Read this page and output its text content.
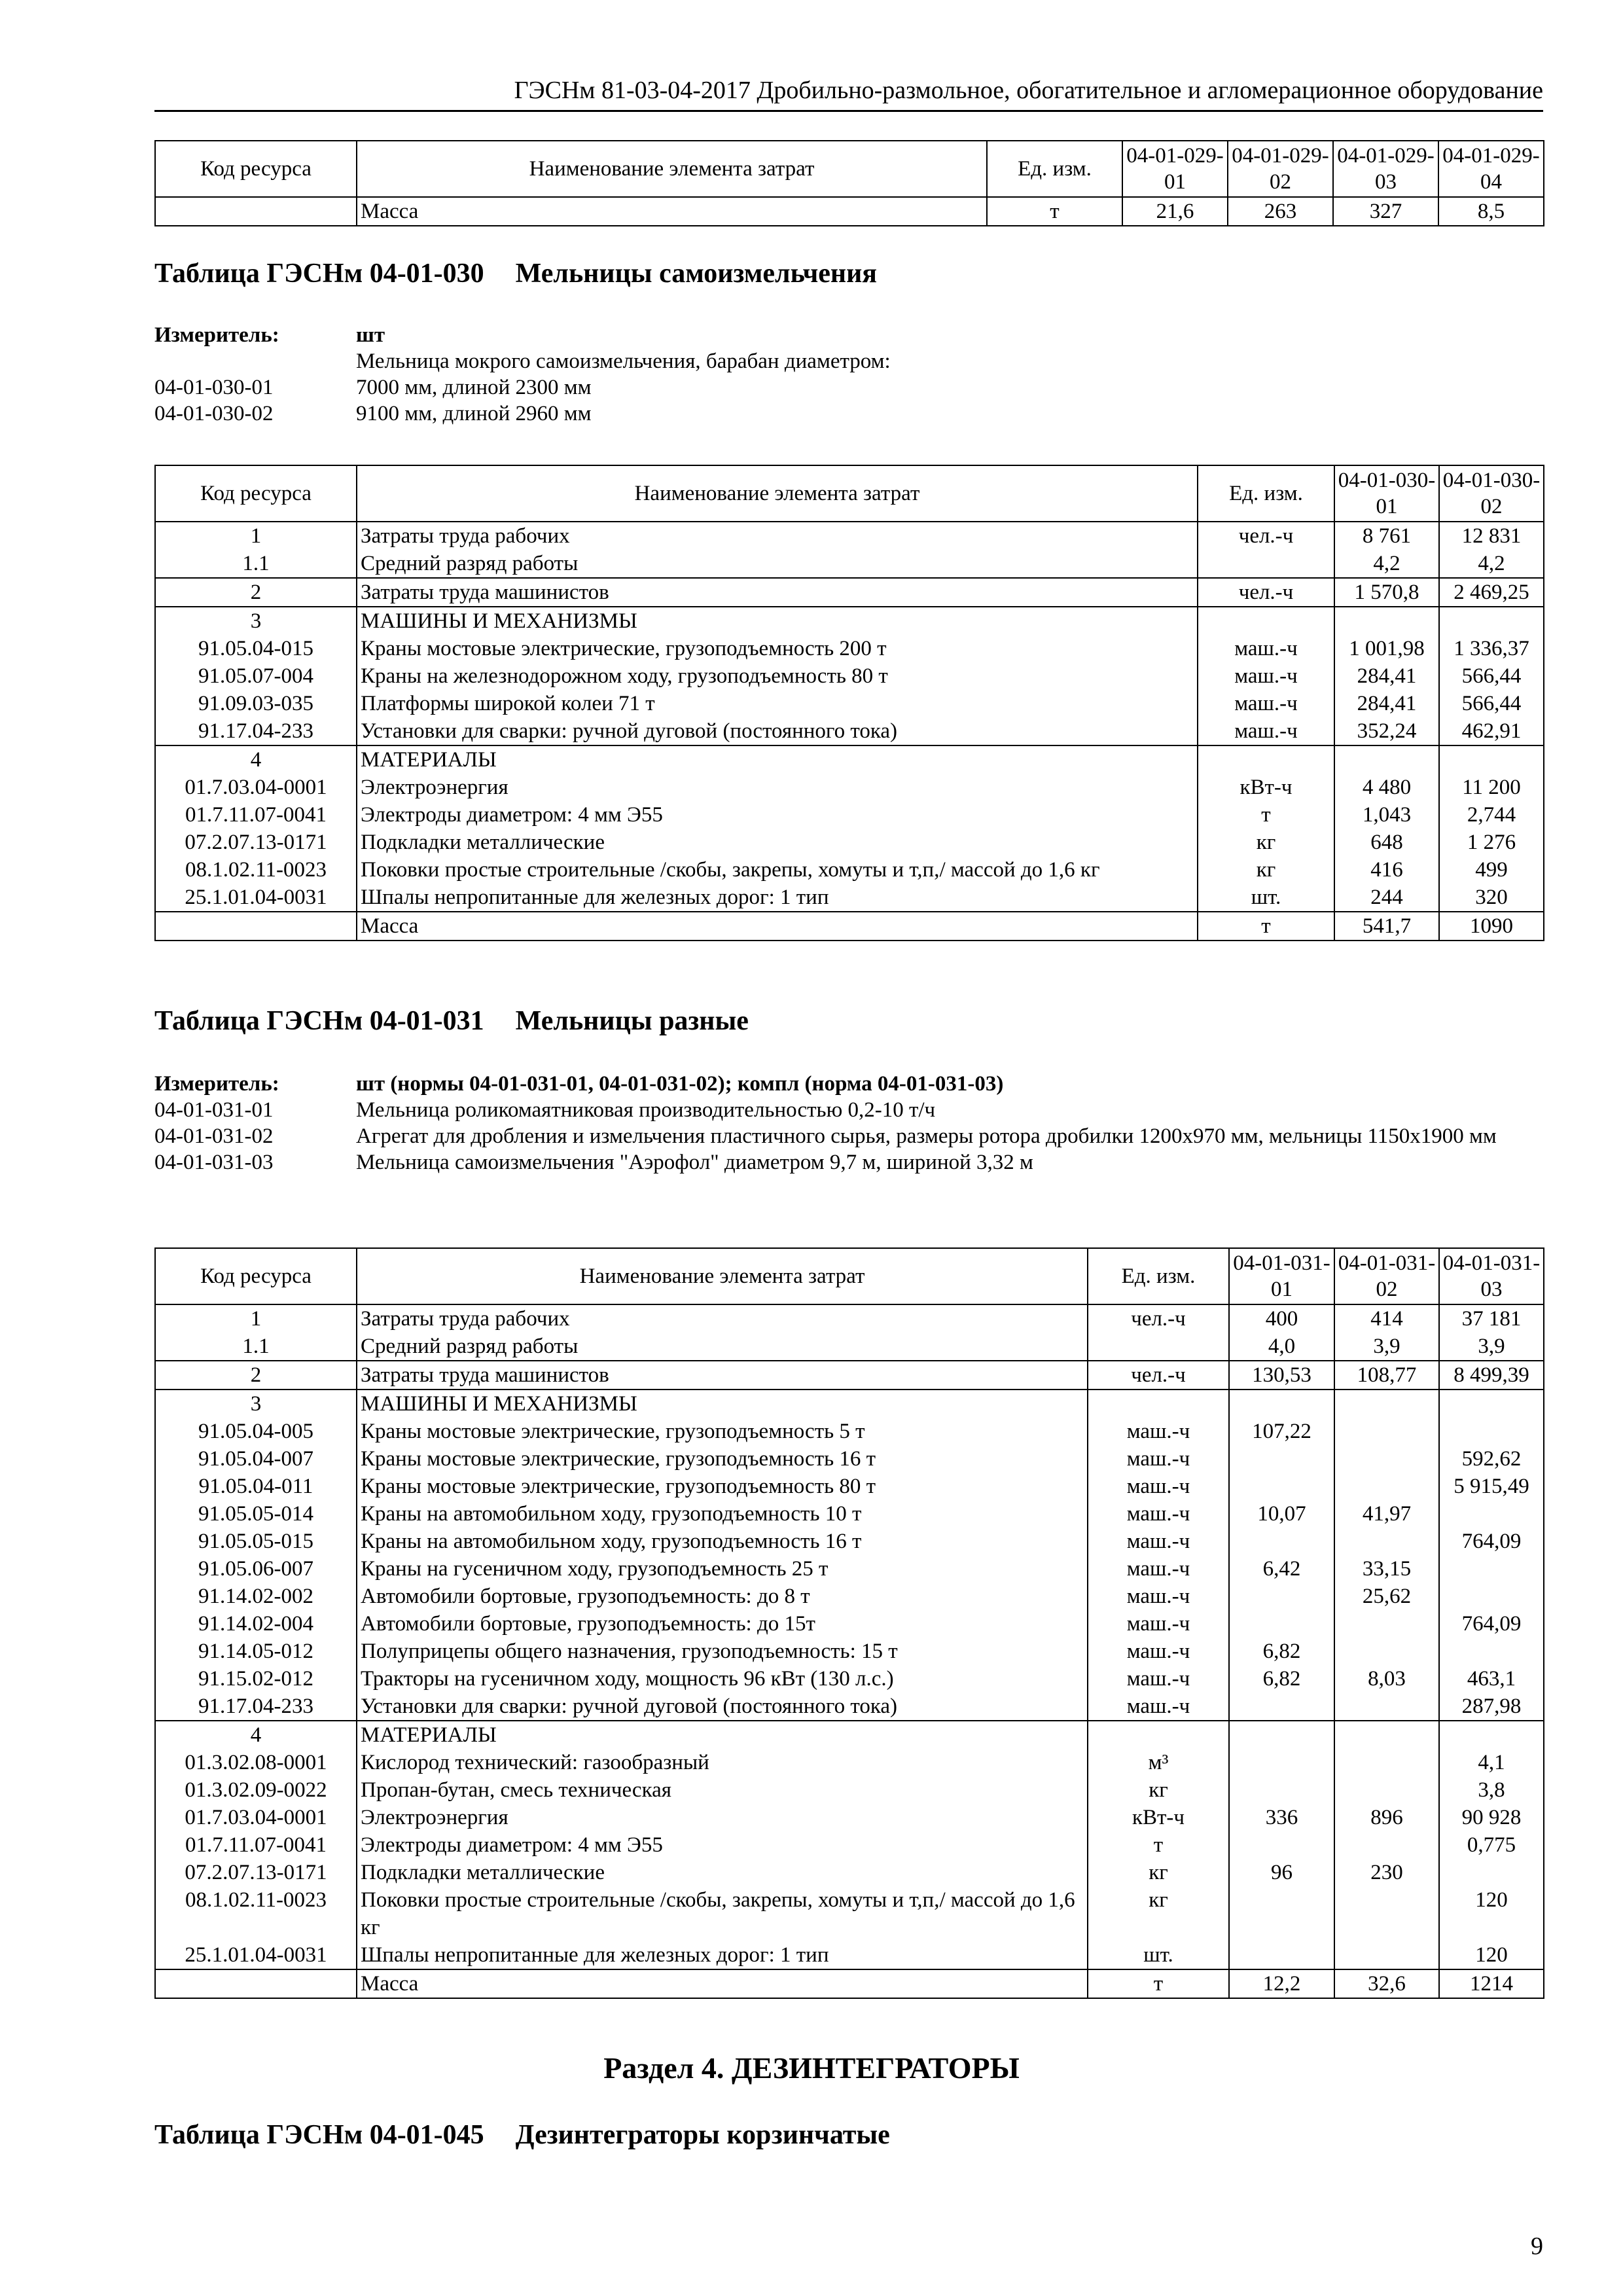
ГЭСНм 81-03-04-2017 Дробильно-размольное, обогатительное и агломерационное оборудование
Код ресурса	Наименование элемента затрат	Ед. изм.	04-01-029-01	04-01-029-02	04-01-029-03	04-01-029-04
	Масса	т	21,6	263	327	8,5
Таблица ГЭСНм 04-01-030 Мельницы самоизмельчения
Измеритель:	шт
Мельница мокрого самоизмельчения, барабан диаметром:
04-01-030-01	7000 мм, длиной 2300 мм
04-01-030-02	9100 мм, длиной 2960 мм
Код ресурса	Наименование элемента затрат	Ед. изм.	04-01-030-01	04-01-030-02
1	Затраты труда рабочих	чел.-ч	8 761	12 831
1.1	Средний разряд работы		4,2	4,2
2	Затраты труда машинистов	чел.-ч	1 570,8	2 469,25
3	МАШИНЫ И МЕХАНИЗМЫ			
91.05.04-015	Краны мостовые электрические, грузоподъемность 200 т	маш.-ч	1 001,98	1 336,37
91.05.07-004	Краны на железнодорожном ходу, грузоподъемность 80 т	маш.-ч	284,41	566,44
91.09.03-035	Платформы широкой колеи 71 т	маш.-ч	284,41	566,44
91.17.04-233	Установки для сварки: ручной дуговой (постоянного тока)	маш.-ч	352,24	462,91
4	МАТЕРИАЛЫ			
01.7.03.04-0001	Электроэнергия	кВт-ч	4 480	11 200
01.7.11.07-0041	Электроды диаметром: 4 мм Э55	т	1,043	2,744
07.2.07.13-0171	Подкладки металлические	кг	648	1 276
08.1.02.11-0023	Поковки простые строительные /скобы, закрепы, хомуты и т,п,/ массой до 1,6 кг	кг	416	499
25.1.01.04-0031	Шпалы непропитанные для железных дорог: 1 тип	шт.	244	320
	Масса	т	541,7	1090
Таблица ГЭСНм 04-01-031 Мельницы разные
Измеритель:	шт (нормы 04-01-031-01, 04-01-031-02); компл (норма 04-01-031-03)
04-01-031-01	Мельница роликомаятниковая производительностью 0,2-10 т/ч
04-01-031-02	Агрегат для дробления и измельчения пластичного сырья, размеры ротора дробилки 1200х970 мм, мельницы 1150х1900 мм
04-01-031-03	Мельница самоизмельчения "Аэрофол" диаметром 9,7 м, шириной 3,32 м
Код ресурса	Наименование элемента затрат	Ед. изм.	04-01-031-01	04-01-031-02	04-01-031-03
1	Затраты труда рабочих	чел.-ч	400	414	37 181
1.1	Средний разряд работы		4,0	3,9	3,9
2	Затраты труда машинистов	чел.-ч	130,53	108,77	8 499,39
3	МАШИНЫ И МЕХАНИЗМЫ				
91.05.04-005	Краны мостовые электрические, грузоподъемность 5 т	маш.-ч	107,22		
91.05.04-007	Краны мостовые электрические, грузоподъемность 16 т	маш.-ч			592,62
91.05.04-011	Краны мостовые электрические, грузоподъемность 80 т	маш.-ч			5 915,49
91.05.05-014	Краны на автомобильном ходу, грузоподъемность 10 т	маш.-ч	10,07	41,97	
91.05.05-015	Краны на автомобильном ходу, грузоподъемность 16 т	маш.-ч			764,09
91.05.06-007	Краны на гусеничном ходу, грузоподъемность 25 т	маш.-ч	6,42	33,15	
91.14.02-002	Автомобили бортовые, грузоподъемность: до 8 т	маш.-ч		25,62	
91.14.02-004	Автомобили бортовые, грузоподъемность: до 15т	маш.-ч			764,09
91.14.05-012	Полуприцепы общего назначения, грузоподъемность: 15 т	маш.-ч	6,82		
91.15.02-012	Тракторы на гусеничном ходу, мощность 96 кВт (130 л.с.)	маш.-ч	6,82	8,03	463,1
91.17.04-233	Установки для сварки: ручной дуговой (постоянного тока)	маш.-ч			287,98
4	МАТЕРИАЛЫ				
01.3.02.08-0001	Кислород технический: газообразный	м³			4,1
01.3.02.09-0022	Пропан-бутан, смесь техническая	кг			3,8
01.7.03.04-0001	Электроэнергия	кВт-ч	336	896	90 928
01.7.11.07-0041	Электроды диаметром: 4 мм Э55	т			0,775
07.2.07.13-0171	Подкладки металлические	кг	96	230	
08.1.02.11-0023	Поковки простые строительные /скобы, закрепы, хомуты и т,п,/ массой до 1,6 кг	кг			120
25.1.01.04-0031	Шпалы непропитанные для железных дорог: 1 тип	шт.			120
	Масса	т	12,2	32,6	1214
Раздел 4. ДЕЗИНТЕГРАТОРЫ
Таблица ГЭСНм 04-01-045 Дезинтеграторы корзинчатые
9
